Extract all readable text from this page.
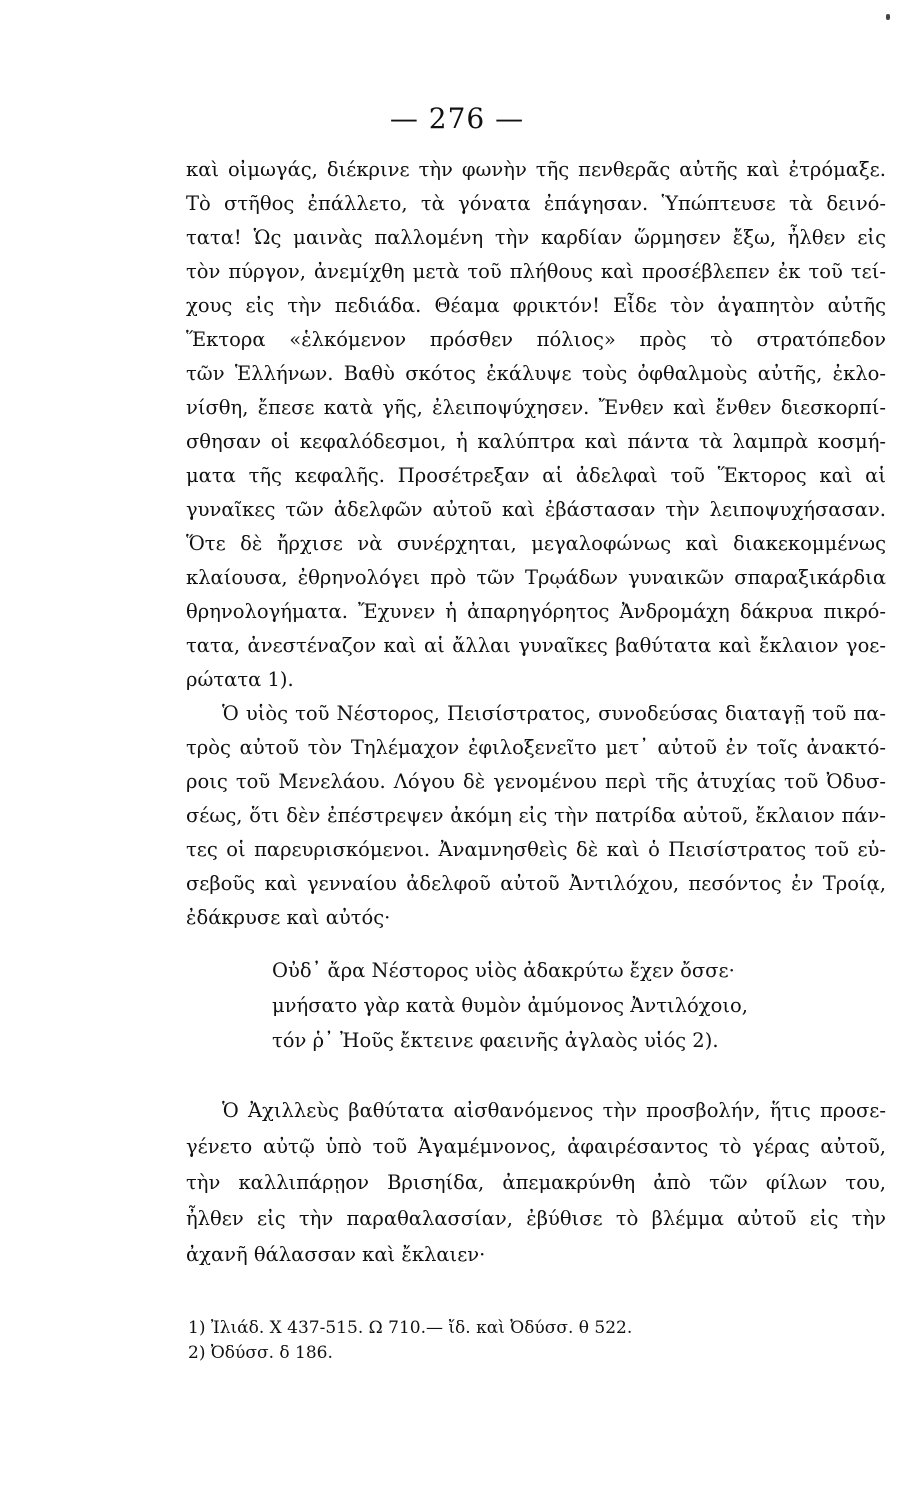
— 276 —
καὶ οἰμωγάς, διέκρινε τὴν φωνὴν τῆς πενθερᾶς αὐτῆς καὶ ἐτρόμαξε.
Τὸ στῆθος ἐπάλλετο, τὰ γόνατα ἐπάγησαν. Ὑπώπτευσε τὰ δεινό-
τατα! Ὡς μαινὰς παλλομένη τὴν καρδίαν ὥρμησεν ἔξω, ἦλθεν εἰς
τὸν πύργον, ἀνεμίχθη μετὰ τοῦ πλήθους καὶ προσέβλεπεν ἐκ τοῦ τεί-
χους εἰς τὴν πεδιάδα. Θέαμα φρικτόν! Εἶδε τὸν ἀγαπητὸν αὐτῆς
Ἕκτορα «ἑλκόμενον πρόσθεν πόλιος» πρὸς τὸ στρατόπεδον
τῶν Ἑλλήνων. Βαθὺ σκότος ἐκάλυψε τοὺς ὀφθαλμοὺς αὐτῆς, ἐκλο-
νίσθη, ἔπεσε κατὰ γῆς, ἐλειποψύχησεν. Ἔνθεν καὶ ἔνθεν διεσκορπί-
σθησαν οἱ κεφαλόδεσμοι, ἡ καλύπτρα καὶ πάντα τὰ λαμπρὰ κοσμή-
ματα τῆς κεφαλῆς. Προσέτρεξαν αἱ ἀδελφαὶ τοῦ Ἕκτορος καὶ αἱ
γυναῖκες τῶν ἀδελφῶν αὐτοῦ καὶ ἐβάστασαν τὴν λειποψυχήσασαν.
Ὅτε δὲ ἤρχισε νὰ συνέρχηται, μεγαλοφώνως καὶ διακεκομμένως
κλαίουσα, ἐθρηνολόγει πρὸ τῶν Τρῳάδων γυναικῶν σπαραξικάρδια
θρηνολογήματα. Ἔχυνεν ἡ ἀπαρηγόρητος Ἀνδρομάχη δάκρυα πικρό-
τατα, ἀνεστέναζον καὶ αἱ ἄλλαι γυναῖκες βαθύτατα καὶ ἔκλαιον γοε-
ρώτατα 1).
Ὁ υἱὸς τοῦ Νέστορος, Πεισίστρατος, συνοδεύσας διαταγῇ τοῦ πα-
τρὸς αὐτοῦ τὸν Τηλέμαχον ἐφιλοξενεῖτο μετ᾽ αὐτοῦ ἐν τοῖς ἀνακτό-
ροις τοῦ Μενελάου. Λόγου δὲ γενομένου περὶ τῆς ἀτυχίας τοῦ Ὀδυσ-
σέως, ὅτι δὲν ἐπέστρεψεν ἀκόμη εἰς τὴν πατρίδα αὐτοῦ, ἔκλαιον πάν-
τες οἱ παρευρισκόμενοι. Ἀναμνησθεὶς δὲ καὶ ὁ Πεισίστρατος τοῦ εὐ-
σεβοῦς καὶ γενναίου ἀδελφοῦ αὐτοῦ Ἀντιλόχου, πεσόντος ἐν Τροίᾳ,
ἐδάκρυσε καὶ αὐτός·
Οὐδ᾽ ἄρα Νέστορος υἱὸς ἀδακρύτω ἔχεν ὄσσε·
μνήσατο γὰρ κατὰ θυμὸν ἀμύμονος Ἀντιλόχοιο,
τόν ῥ᾽ Ἠοῦς ἔκτεινε φαεινῆς ἀγλαὸς υἱός 2).
Ὁ Ἀχιλλεὺς βαθύτατα αἰσθανόμενος τὴν προσβολήν, ἥτις προσε-
γένετο αὐτῷ ὑπὸ τοῦ Ἀγαμέμνονος, ἀφαιρέσαντος τὸ γέρας αὐτοῦ,
τὴν καλλιπάρῃον Βρισηίδα, ἀπεμακρύνθη ἀπὸ τῶν φίλων του,
ἦλθεν εἰς τὴν παραθαλασσίαν, ἐβύθισε τὸ βλέμμα αὐτοῦ εἰς τὴν
ἀχανῆ θάλασσαν καὶ ἔκλαιεν·
1) Ἰλιάδ. Χ 437-515. Ω 710.— ἴδ. καὶ Ὀδύσσ. θ 522.
2) Ὀδύσσ. δ 186.
